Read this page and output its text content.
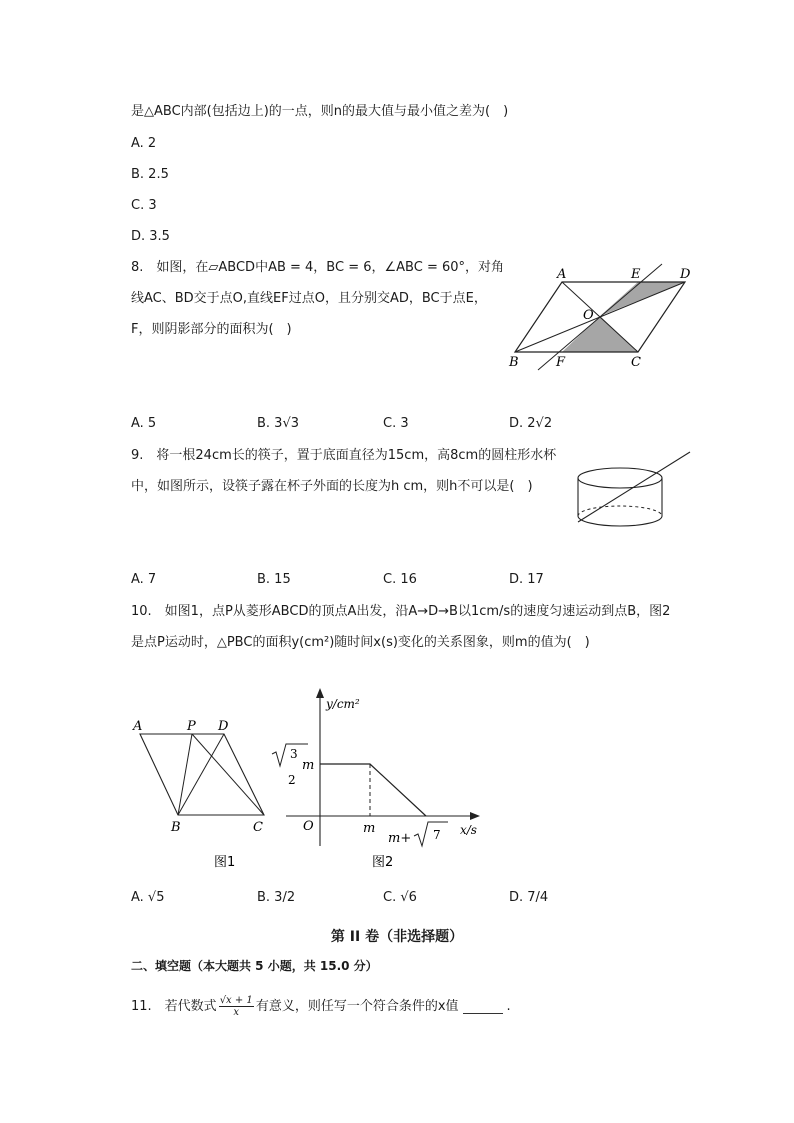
是△ABC内部(包括边上)的一点，则n的最大值与最小值之差为(　)
A. 2
B. 2.5
C. 3
D. 3.5
8.　如图，在▱ABCD中AB = 4，BC = 6，∠ABC = 60°，对角
线AC、BD交于点O,直线EF过点O，且分别交AD，BC于点E，
F，则阴影部分的面积为(　)
A	E	D
O
B	F	C
A. 5	B. 3√3	C. 3	D. 2√2
9.　将一根24cm长的筷子，置于底面直径为15cm，高8cm的圆柱形水杯
中，如图所示，设筷子露在杯子外面的长度为h cm，则h不可以是(　)
A. 7	B. 15	C. 16	D. 17
10.　如图1，点P从菱形ABCD的顶点A出发，沿A→D→B以1cm/s的速度匀速运动到点B，图2
是点P运动时，△PBC的面积y(cm²)随时间x(s)变化的关系图象，则m的值为(　)
A	P D
B	C
图1
y/cm²
3
2
m
O	m
m+ 7 x/s
图2
A. √5	B. 3/2	C. √6	D. 7/4
第 II 卷（非选择题）
二、填空题（本大题共 5 小题，共 15.0 分）
11.　若代数式 $\frac{√x + 1}{x}$ 有意义，则任写一个符合条件的x值	.
